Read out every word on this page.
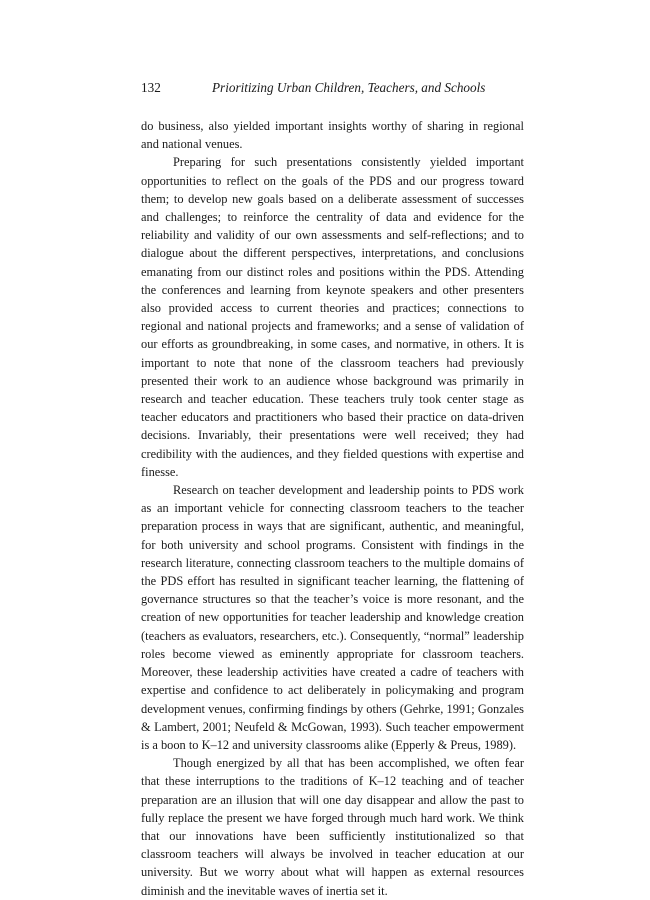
132	Prioritizing Urban Children, Teachers, and Schools

do business, also yielded important insights worthy of sharing in regional and national venues.

Preparing for such presentations consistently yielded important opportunities to reflect on the goals of the PDS and our progress toward them; to develop new goals based on a deliberate assessment of successes and challenges; to reinforce the centrality of data and evidence for the reliability and validity of our own assessments and self-reflections; and to dialogue about the different perspectives, interpretations, and conclusions emanating from our distinct roles and positions within the PDS. Attending the conferences and learning from keynote speakers and other presenters also provided access to current theories and practices; connections to regional and national projects and frameworks; and a sense of validation of our efforts as groundbreaking, in some cases, and normative, in others. It is important to note that none of the classroom teachers had previously presented their work to an audience whose background was primarily in research and teacher education. These teachers truly took center stage as teacher educators and practitioners who based their practice on data-driven decisions. Invariably, their presentations were well received; they had credibility with the audiences, and they fielded questions with expertise and finesse.

Research on teacher development and leadership points to PDS work as an important vehicle for connecting classroom teachers to the teacher preparation process in ways that are significant, authentic, and meaningful, for both university and school programs. Consistent with findings in the research literature, connecting classroom teachers to the multiple domains of the PDS effort has resulted in significant teacher learning, the flattening of governance structures so that the teacher’s voice is more resonant, and the creation of new opportunities for teacher leadership and knowledge creation (teachers as evaluators, researchers, etc.). Consequently, “normal” leadership roles become viewed as eminently appropriate for classroom teachers. Moreover, these leadership activities have created a cadre of teachers with expertise and confidence to act deliberately in policymaking and program development venues, confirming findings by others (Gehrke, 1991; Gonzales & Lambert, 2001; Neufeld & McGowan, 1993). Such teacher empowerment is a boon to K–12 and university classrooms alike (Epperly & Preus, 1989).

Though energized by all that has been accomplished, we often fear that these interruptions to the traditions of K–12 teaching and of teacher preparation are an illusion that will one day disappear and allow the past to fully replace the present we have forged through much hard work. We think that our innovations have been sufficiently institutionalized so that classroom teachers will always be involved in teacher education at our university. But we worry about what will happen as external resources diminish and the inevitable waves of inertia set it.
